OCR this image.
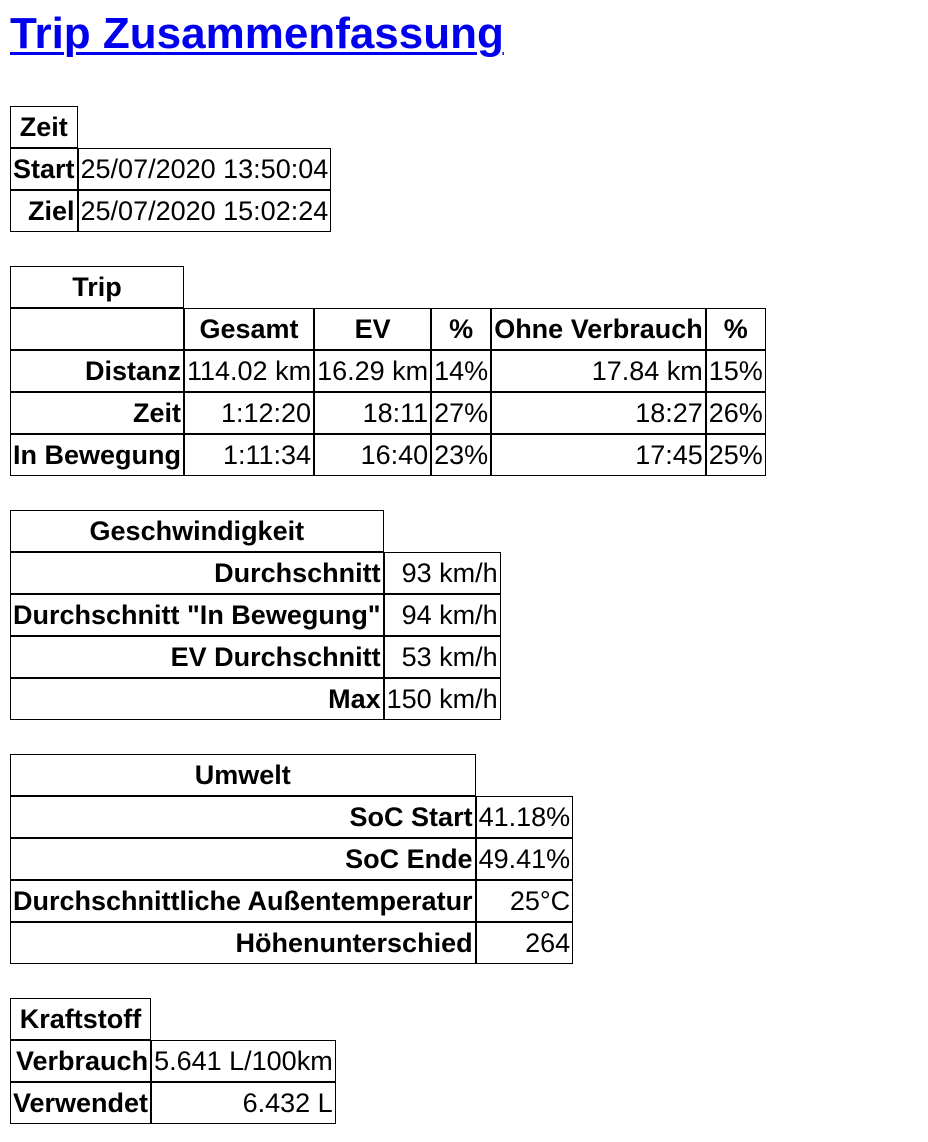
Trip Zusammenfassung
Zeit	
Start	25/07/2020 13:50:04
Ziel	25/07/2020 15:02:24
Trip					
	Gesamt	EV	%	Ohne Verbrauch	%
Distanz	114.02 km	16.29 km	14%	17.84 km	15%
Zeit	1:12:20	18:11	27%	18:27	26%
In Bewegung	1:11:34	16:40	23%	17:45	25%
Geschwindigkeit	
Durchschnitt	93 km/h
Durchschnitt "In Bewegung"	94 km/h
EV Durchschnitt	53 km/h
Max	150 km/h
Umwelt	
SoC Start	41.18%
SoC Ende	49.41%
Durchschnittliche Außentemperatur	25°C
Höhenunterschied	264
Kraftstoff	
Verbrauch	5.641 L/100km
Verwendet	6.432 L
